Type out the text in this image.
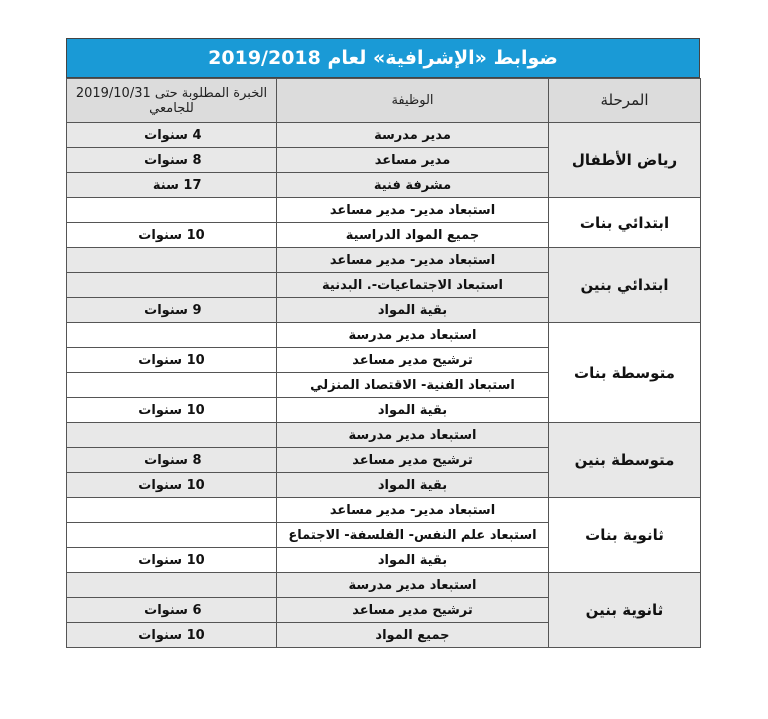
ضوابط «الإشرافية» لعام 2019/2018
المرحلة	الوظيفة	الخبرة المطلوبة حتى 2019/10/31 للجامعي
رياض الأطفال	مدير مدرسة	4 سنوات
	مدير مساعد	8 سنوات
	مشرفة فنية	17 سنة
ابتدائي بنات	استبعاد مدير- مدير مساعد	
	جميع المواد الدراسية	10 سنوات
ابتدائي بنين	استبعاد مدير- مدير مساعد	
	استبعاد الاجتماعيات-. البدنية	
	بقية المواد	9 سنوات
متوسطة بنات	استبعاد مدير مدرسة	
	ترشيح مدير مساعد	10 سنوات
	استبعاد الفنية- الاقتصاد المنزلي	
	بقية المواد	10 سنوات
متوسطة بنين	استبعاد مدير مدرسة	
	ترشيح مدير مساعد	8 سنوات
	بقية المواد	10 سنوات
ثانوية بنات	استبعاد مدير- مدير مساعد	
	استبعاد علم النفس- الفلسفة- الاجتماع	
	بقية المواد	10 سنوات
ثانوية بنين	استبعاد مدير مدرسة	
	ترشيح مدير مساعد	6 سنوات
	جميع المواد	10 سنوات
